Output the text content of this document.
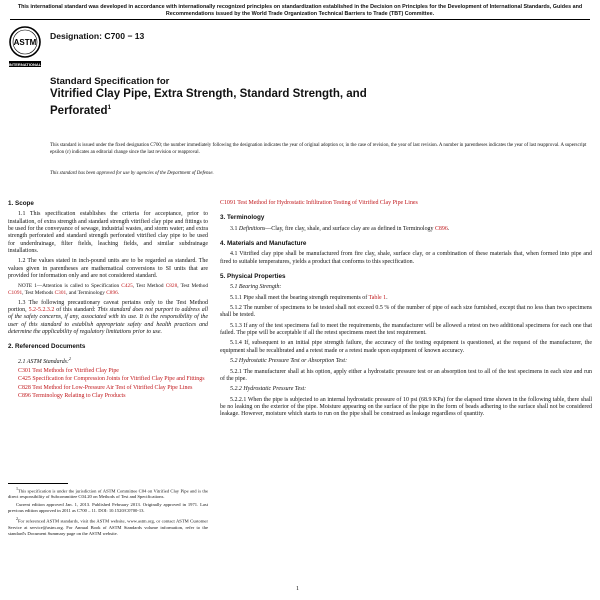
This international standard was developed in accordance with internationally recognized principles on standardization established in the Decision on Principles for the Development of International Standards, Guides and Recommendations issued by the World Trade Organization Technical Barriers to Trade (TBT) Committee.
ASTM
INTERNATIONAL
Designation: C700 − 13
Standard Specification for
Vitrified Clay Pipe, Extra Strength, Standard Strength, and
Perforated$^1$
This standard is issued under the fixed designation C700; the number immediately following the designation indicates the year of original adoption or, in the case of revision, the year of last revision. A number in parentheses indicates the year of last reapproval. A superscript epsilon (ε) indicates an editorial change since the last revision or reapproval.
This standard has been approved for use by agencies of the Department of Defense.
1. Scope

1.1 This specification establishes the criteria for acceptance, prior to installation, of extra strength and standard strength vitrified clay pipe and fittings to be used for the conveyance of sewage, industrial wastes, and storm water; and extra strength perforated and standard strength perforated vitrified clay pipe to be used for underdrainage, filter fields, leaching fields, and similar subdrainage installations.

1.2 The values stated in inch-pound units are to be regarded as standard. The values given in parentheses are mathematical conversions to SI units that are provided for information only and are not considered standard.

NOTE 1—Attention is called to Specification C425, Test Method C828, Test Method C1091, Test Methods C301, and Terminology C896.

1.3 The following precautionary caveat pertains only to the Test Method portion, 5.2-5.2.3.2 of this standard: This standard does not purport to address all of the safety concerns, if any, associated with its use. It is the responsibility of the user of this standard to establish appropriate safety and health practices and determine the applicability of regulatory limitations prior to use.

2. Referenced Documents

2.1 ASTM Standards:$^2$

C301 Test Methods for Vitrified Clay Pipe

C425 Specification for Compression Joints for Vitrified Clay Pipe and Fittings

C828 Test Method for Low-Pressure Air Test of Vitrified Clay Pipe Lines

C896 Terminology Relating to Clay Products

$^1$This specification is under the jurisdiction of ASTM Committee C04 on Vitrified Clay Pipe and is the direct responsibility of Subcommittee C04.20 on Methods of Test and Specifications.

Current edition approved Jan. 1, 2013. Published February 2013. Originally approved in 1971. Last previous edition approved in 2011 as C700 – 11. DOI: 10.1520/C0700-13.

$^2$For referenced ASTM standards, visit the ASTM website, www.astm.org, or contact ASTM Customer Service at service@astm.org. For Annual Book of ASTM Standards volume information, refer to the standard's Document Summary page on the ASTM website.

C1091 Test Method for Hydrostatic Infiltration Testing of Vitrified Clay Pipe Lines

3. Terminology

3.1 Definitions—Clay, fire clay, shale, and surface clay are as defined in Terminology C896.

4. Materials and Manufacture

4.1 Vitrified clay pipe shall be manufactured from fire clay, shale, surface clay, or a combination of these materials that, when formed into pipe and fired to suitable temperatures, yields a product that conforms to this specification.

5. Physical Properties

5.1 Bearing Strength:

5.1.1 Pipe shall meet the bearing strength requirements of Table 1.

5.1.2 The number of specimens to be tested shall not exceed 0.5 % of the number of pipe of each size furnished, except that no less than two specimens shall be tested.

5.1.3 If any of the test specimens fail to meet the requirements, the manufacturer will be allowed a retest on two additional specimens for each one that failed. The pipe will be acceptable if all the retest specimens meet the test requirement.

5.1.4 If, subsequent to an initial pipe strength failure, the accuracy of the testing equipment is questioned, at the request of the manufacturer, the equipment shall be recalibrated and a retest made or a retest made upon equipment of known accuracy.

5.2 Hydrostatic Pressure Test or Absorption Test:

5.2.1 The manufacturer shall at his option, apply either a hydrostatic pressure test or an absorption test to all of the test specimens in each size and run of the pipe.

5.2.2 Hydrostatic Pressure Test:

5.2.2.1 When the pipe is subjected to an internal hydrostatic pressure of 10 psi (68.9 KPa) for the elapsed time shown in the following table, there shall be no leaking on the exterior of the pipe. Moisture appearing on the surface of the pipe in the form of beads adhering to the surface shall not be considered leakage. However, moisture which starts to run on the pipe shall be construed as leakage regardless of quantity.

1
